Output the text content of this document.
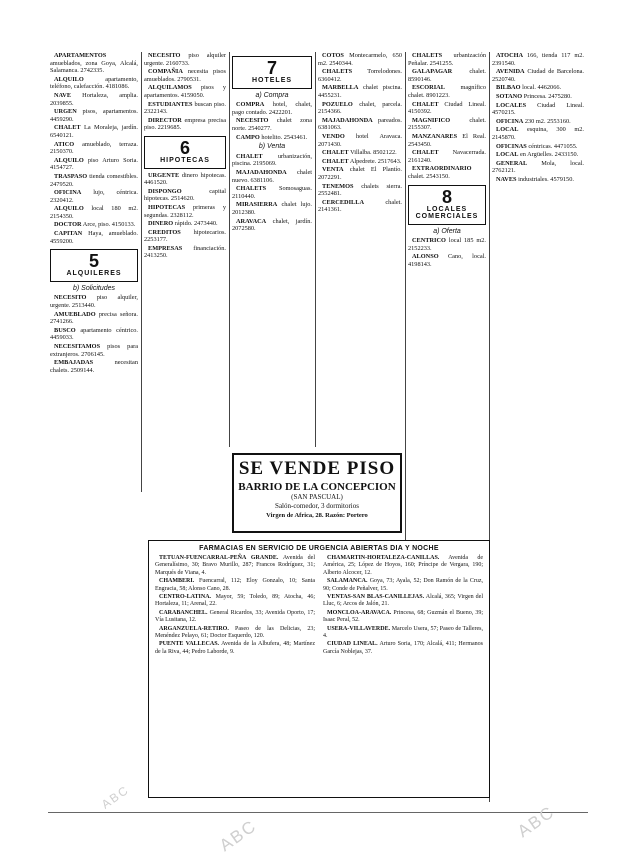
APARTAMENTOS amueblados, zona Goya, Alcalá, Salamanca. 2742335.

ALQUILO	apartamento, teléfono, calefacción. 4181086.

NAVE Hortaleza, amplia. 2039855.

URGEN pisos, apartamentos. 4459290.

CHALET La Moraleja, jardín. 6540121.

ATICO amueblado, terraza. 2150370.

ALQUILO piso Arturo Soria. 4154727.

TRASPASO tienda comestibles. 2479520.

OFICINA lujo, céntrica. 2320412.

ALQUILO local 180 m2. 2154350.

DOCTOR Arce, piso. 4150133.

CAPITAN Haya, amueblado. 4559200.

5
ALQUILERES
b) Solicitudes

NECESITO piso alquiler, urgente. 2513440.

AMUEBLADO precisa señora. 2741266.

BUSCO apartamento céntrico. 4459033.

NECESITAMOS pisos para extranjeros. 2706145.

EMBAJADAS	necesitan chalets. 2509144.

NECESITO piso alquiler urgente. 2160733.

COMPAÑIA necesita pisos amueblados. 2790531.

ALQUILAMOS pisos y apartamentos. 4159050.

ESTUDIANTES buscan piso. 2322143.

DIRECTOR empresa precisa piso. 2219685.

6
HIPOTECAS

URGENTE dinero hipotecas. 4461520.

DISPONGO	capital hipotecas. 2514620.

HIPOTECAS primeras y segundas. 2328112.

DINERO rápido. 2473440.

CREDITOS hipotecarios. 2253177.

EMPRESAS financiación. 2413250.

7
HOTELES
a) Compra

COMPRA hotel, chalet, pago contado. 2422201.

NECESITO chalet zona norte. 2540277.

CAMPO hotelito. 2543461.

b) Venta

CHALET urbanización, piscina. 2195069.

MAJADAHONDA chalet nuevo. 6381106.

CHALETS Somosaguas. 2110440.

MIRASIERRA chalet lujo. 2012380.

ARAVACA chalet, jardín. 2072580.

COTOS Montecarmelo, 650 m2. 2540344.

CHALETS Torrelodones. 6360412.

MARBELLA chalet piscina. 4455231.

POZUELO chalet, parcela. 2154366.

MAJADAHONDA pareados. 6381063.

VENDO hotel Aravaca. 2071430.

CHALET Villalba. 8502122.

CHALET Alpedrete. 2517643.

VENTA chalet El Plantío. 2072291.

TENEMOS chalets sierra. 2552481.

CERCEDILLA	chalet. 2141361.

CHALETS urbanización Peñalar. 2541255.

GALAPAGAR	chalet. 8590146.

ESCORIAL magnífico chalet. 8901223.

CHALET Ciudad Lineal. 4150392.

MAGNIFICO	chalet. 2155307.

MANZANARES El Real. 2543450.

CHALET Navacerrada. 2161240.

EXTRAORDINARIO chalet. 2543150.

8
LOCALES COMERCIALES
a) Oferta

CENTRICO local 185 m2. 2152233.

ALONSO Cano, local. 4198143.

ATOCHA 166, tienda 117 m2. 2391540.

AVENIDA Ciudad de Barcelona. 2520740.

BILBAO local. 4462066.

SOTANO Princesa. 2475280.

LOCALES Ciudad Lineal. 4570215.

OFICINA 230 m2. 2553160.

LOCAL esquina, 300 m2. 2145870.

OFICINAS céntricas. 4471055.

LOCAL en Argüelles. 2433150.

GENERAL Mola, local. 2762121.

NAVES industriales. 4579150.

SE VENDE PISO
BARRIO DE LA CONCEPCION
(SAN PASCUAL)
Salón-comedor, 3 dormitorios
Virgen de Africa, 28. Razón: Portero
FARMACIAS EN SERVICIO DE URGENCIA ABIERTAS DIA Y NOCHE

TETUAN-FUENCARRAL-PEÑA GRANDE. Avenida del Generalísimo, 30; Bravo Murillo, 287; Francos Rodríguez, 31; Marqués de Viana, 4.

CHAMBERI. Fuencarral, 112; Eloy Gonzalo, 10; Santa Engracia, 58; Alonso Cano, 28.

CENTRO-LATINA. Mayor, 59; Toledo, 89; Atocha, 46; Hortaleza, 11; Arenal, 22.

CARABANCHEL. General Ricardos, 33; Avenida Oporto, 17; Vía Lusitana, 12.

ARGANZUELA-RETIRO. Paseo de las Delicias, 23; Menéndez Pelayo, 61; Doctor Esquerdo, 120.

PUENTE VALLECAS. Avenida de la Albufera, 48; Martínez de la Riva, 44; Pedro Laborde, 9.

CHAMARTIN-HORTALEZA-CANILLAS. Avenida de América, 25; López de Hoyos, 160; Príncipe de Vergara, 190; Alberto Alcocer, 12.

SALAMANCA. Goya, 73; Ayala, 52; Don Ramón de la Cruz, 90; Conde de Peñalver, 15.

VENTAS-SAN BLAS-CANILLEJAS. Alcalá, 365; Virgen del Lluc, 6; Arcos de Jalón, 21.

MONCLOA-ARAVACA. Princesa, 68; Guzmán el Bueno, 39; Isaac Peral, 52.

USERA-VILLAVERDE. Marcelo Usera, 57; Paseo de Talleres, 4.

CIUDAD LINEAL. Arturo Soria, 170; Alcalá, 411; Hermanos García Noblejas, 37.

ABC	ABC
ABC
